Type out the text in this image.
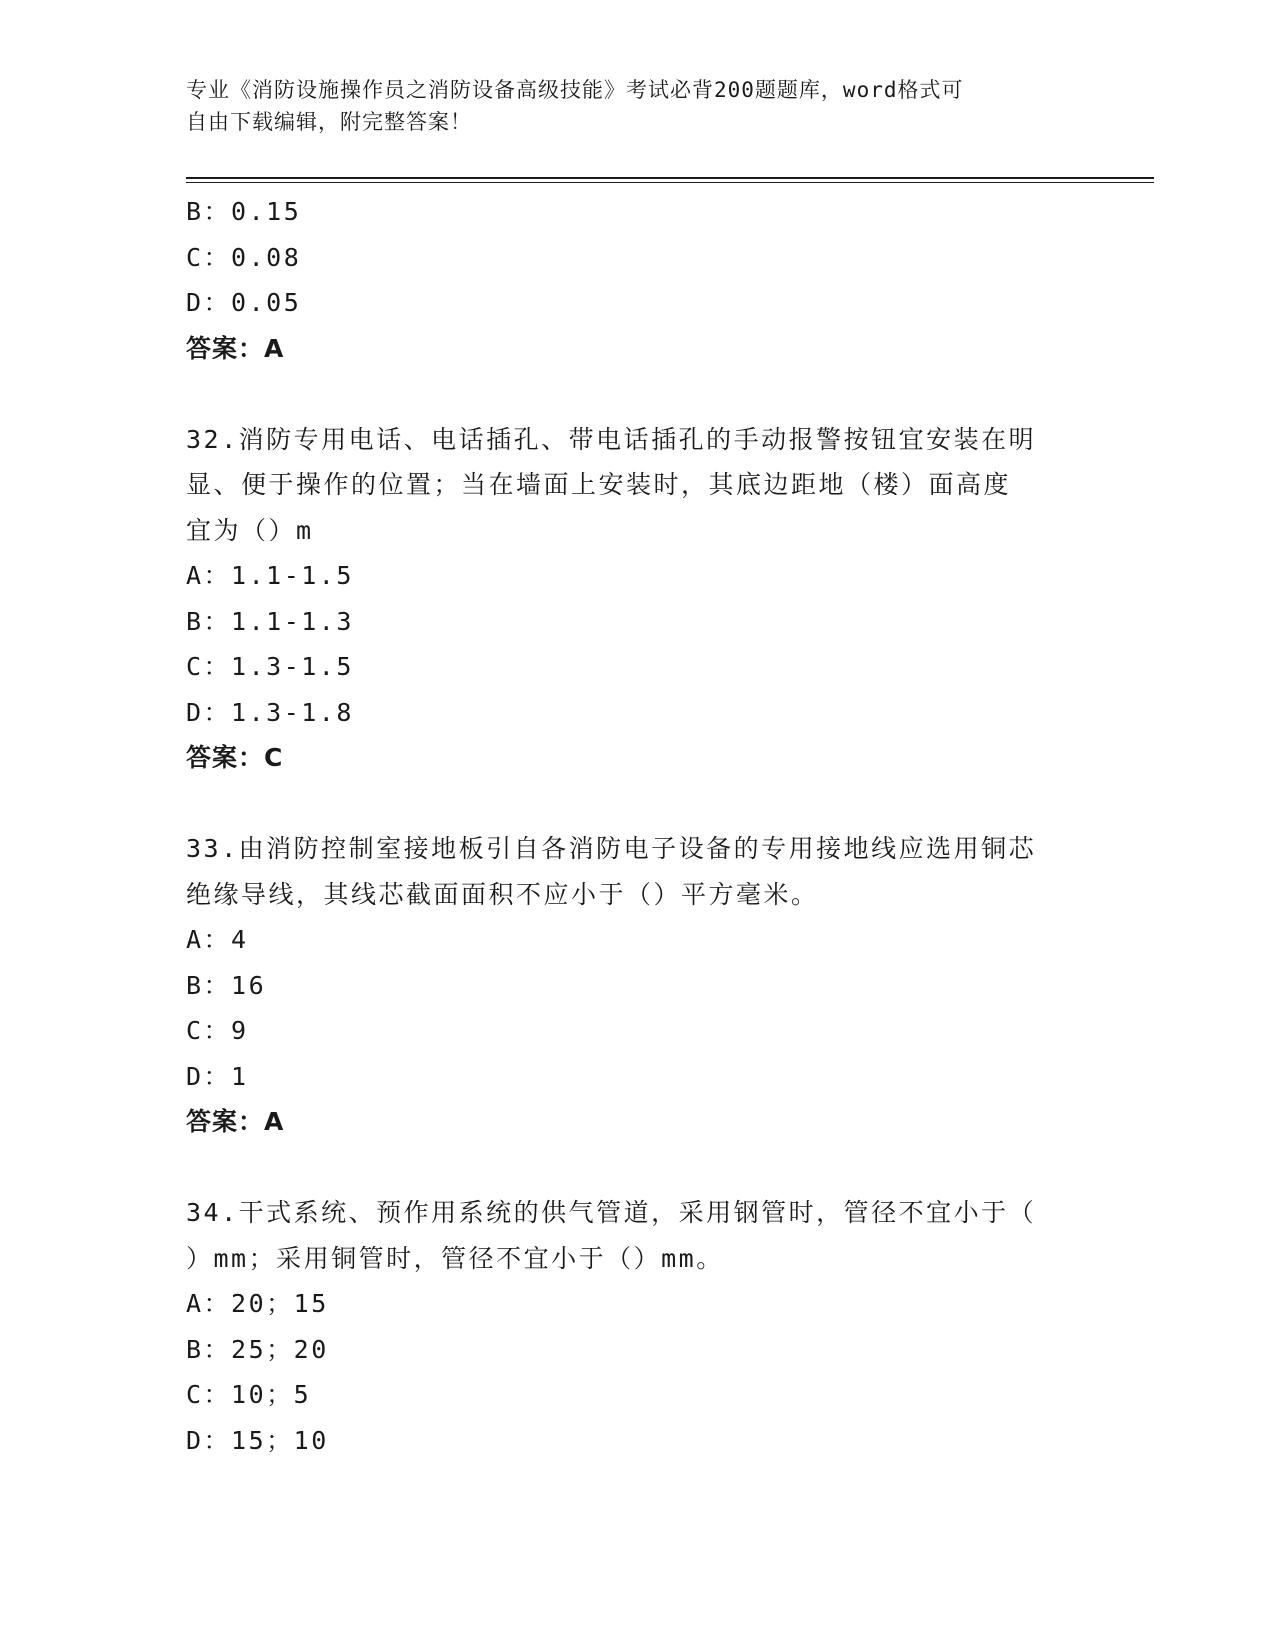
专业《消防设施操作员之消防设备高级技能》考试必背200题题库，word格式可
自由下载编辑，附完整答案！
B：0.15
C：0.08
D：0.05
答案：A
32.消防专用电话、电话插孔、带电话插孔的手动报警按钮宜安装在明
显、便于操作的位置；当在墙面上安装时，其底边距地（楼）面高度
宜为（）m
A：1.1-1.5
B：1.1-1.3
C：1.3-1.5
D：1.3-1.8
答案：C
33.由消防控制室接地板引自各消防电子设备的专用接地线应选用铜芯
绝缘导线，其线芯截面面积不应小于（）平方毫米。
A：4
B：16
C：9
D：1
答案：A
34.干式系统、预作用系统的供气管道，采用钢管时，管径不宜小于（
）mm；采用铜管时，管径不宜小于（）mm。
A：20；15
B：25；20
C：10；5
D：15；10
